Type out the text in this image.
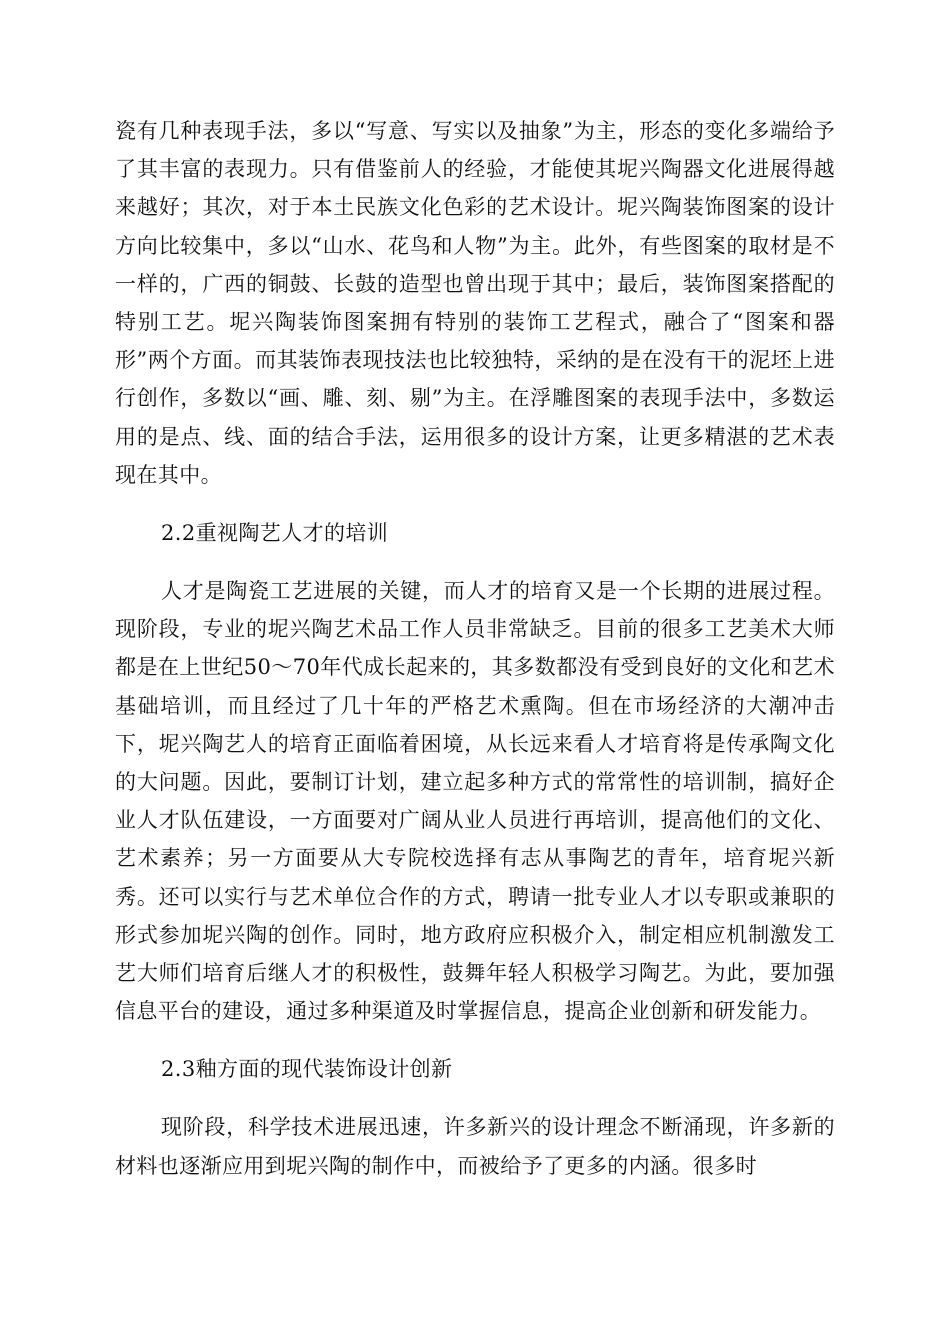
瓷有几种表现手法，多以“写意、写实以及抽象”为主，形态的变化多端给予了其丰富的表现力。只有借鉴前人的经验，才能使其坭兴陶器文化进展得越来越好；其次，对于本土民族文化色彩的艺术设计。坭兴陶装饰图案的设计方向比较集中，多以“山水、花鸟和人物”为主。此外，有些图案的取材是不一样的，广西的铜鼓、长鼓的造型也曾出现于其中；最后，装饰图案搭配的特别工艺。坭兴陶装饰图案拥有特别的装饰工艺程式，融合了“图案和器形”两个方面。而其装饰表现技法也比较独特，采纳的是在没有干的泥坯上进行创作，多数以“画、雕、刻、剔”为主。在浮雕图案的表现手法中，多数运用的是点、线、面的结合手法，运用很多的设计方案，让更多精湛的艺术表现在其中。

2.2重视陶艺人才的培训

人才是陶瓷工艺进展的关键，而人才的培育又是一个长期的进展过程。现阶段，专业的坭兴陶艺术品工作人员非常缺乏。目前的很多工艺美术大师都是在上世纪50～70年代成长起来的，其多数都没有受到良好的文化和艺术基础培训，而且经过了几十年的严格艺术熏陶。但在市场经济的大潮冲击下，坭兴陶艺人的培育正面临着困境，从长远来看人才培育将是传承陶文化的大问题。因此，要制订计划，建立起多种方式的常常性的培训制，搞好企业人才队伍建设，一方面要对广阔从业人员进行再培训，提高他们的文化、艺术素养；另一方面要从大专院校选择有志从事陶艺的青年，培育坭兴新秀。还可以实行与艺术单位合作的方式，聘请一批专业人才以专职或兼职的形式参加坭兴陶的创作。同时，地方政府应积极介入，制定相应机制激发工艺大师们培育后继人才的积极性，鼓舞年轻人积极学习陶艺。为此，要加强信息平台的建设，通过多种渠道及时掌握信息，提高企业创新和研发能力。

2.3釉方面的现代装饰设计创新

现阶段，科学技术进展迅速，许多新兴的设计理念不断涌现，许多新的材料也逐渐应用到坭兴陶的制作中，而被给予了更多的内涵。很多时
